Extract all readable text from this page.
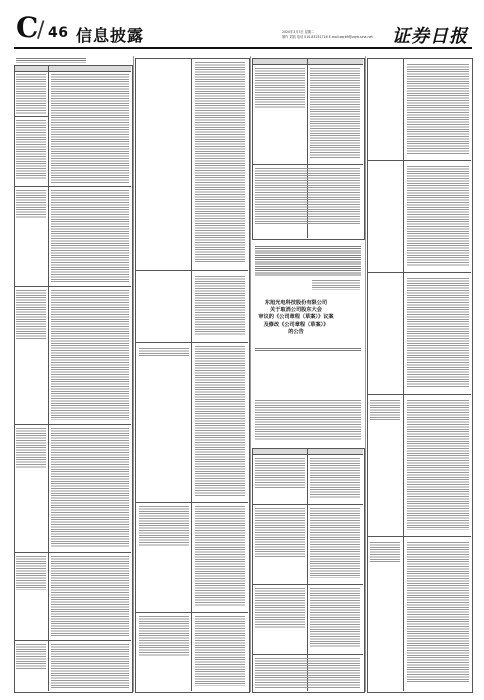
C
/ 46 信息披露	2020年3月3日 星期二
制作 刘凯 电话 010-83251716 E-mail:zqrb9@zqrb.sina.net	证券日报
东旭光电科技股份有限公司
关于取消公司股东大会
审议的《公司章程（草案）》议案
及修改《公司章程（草案）》
的公告
